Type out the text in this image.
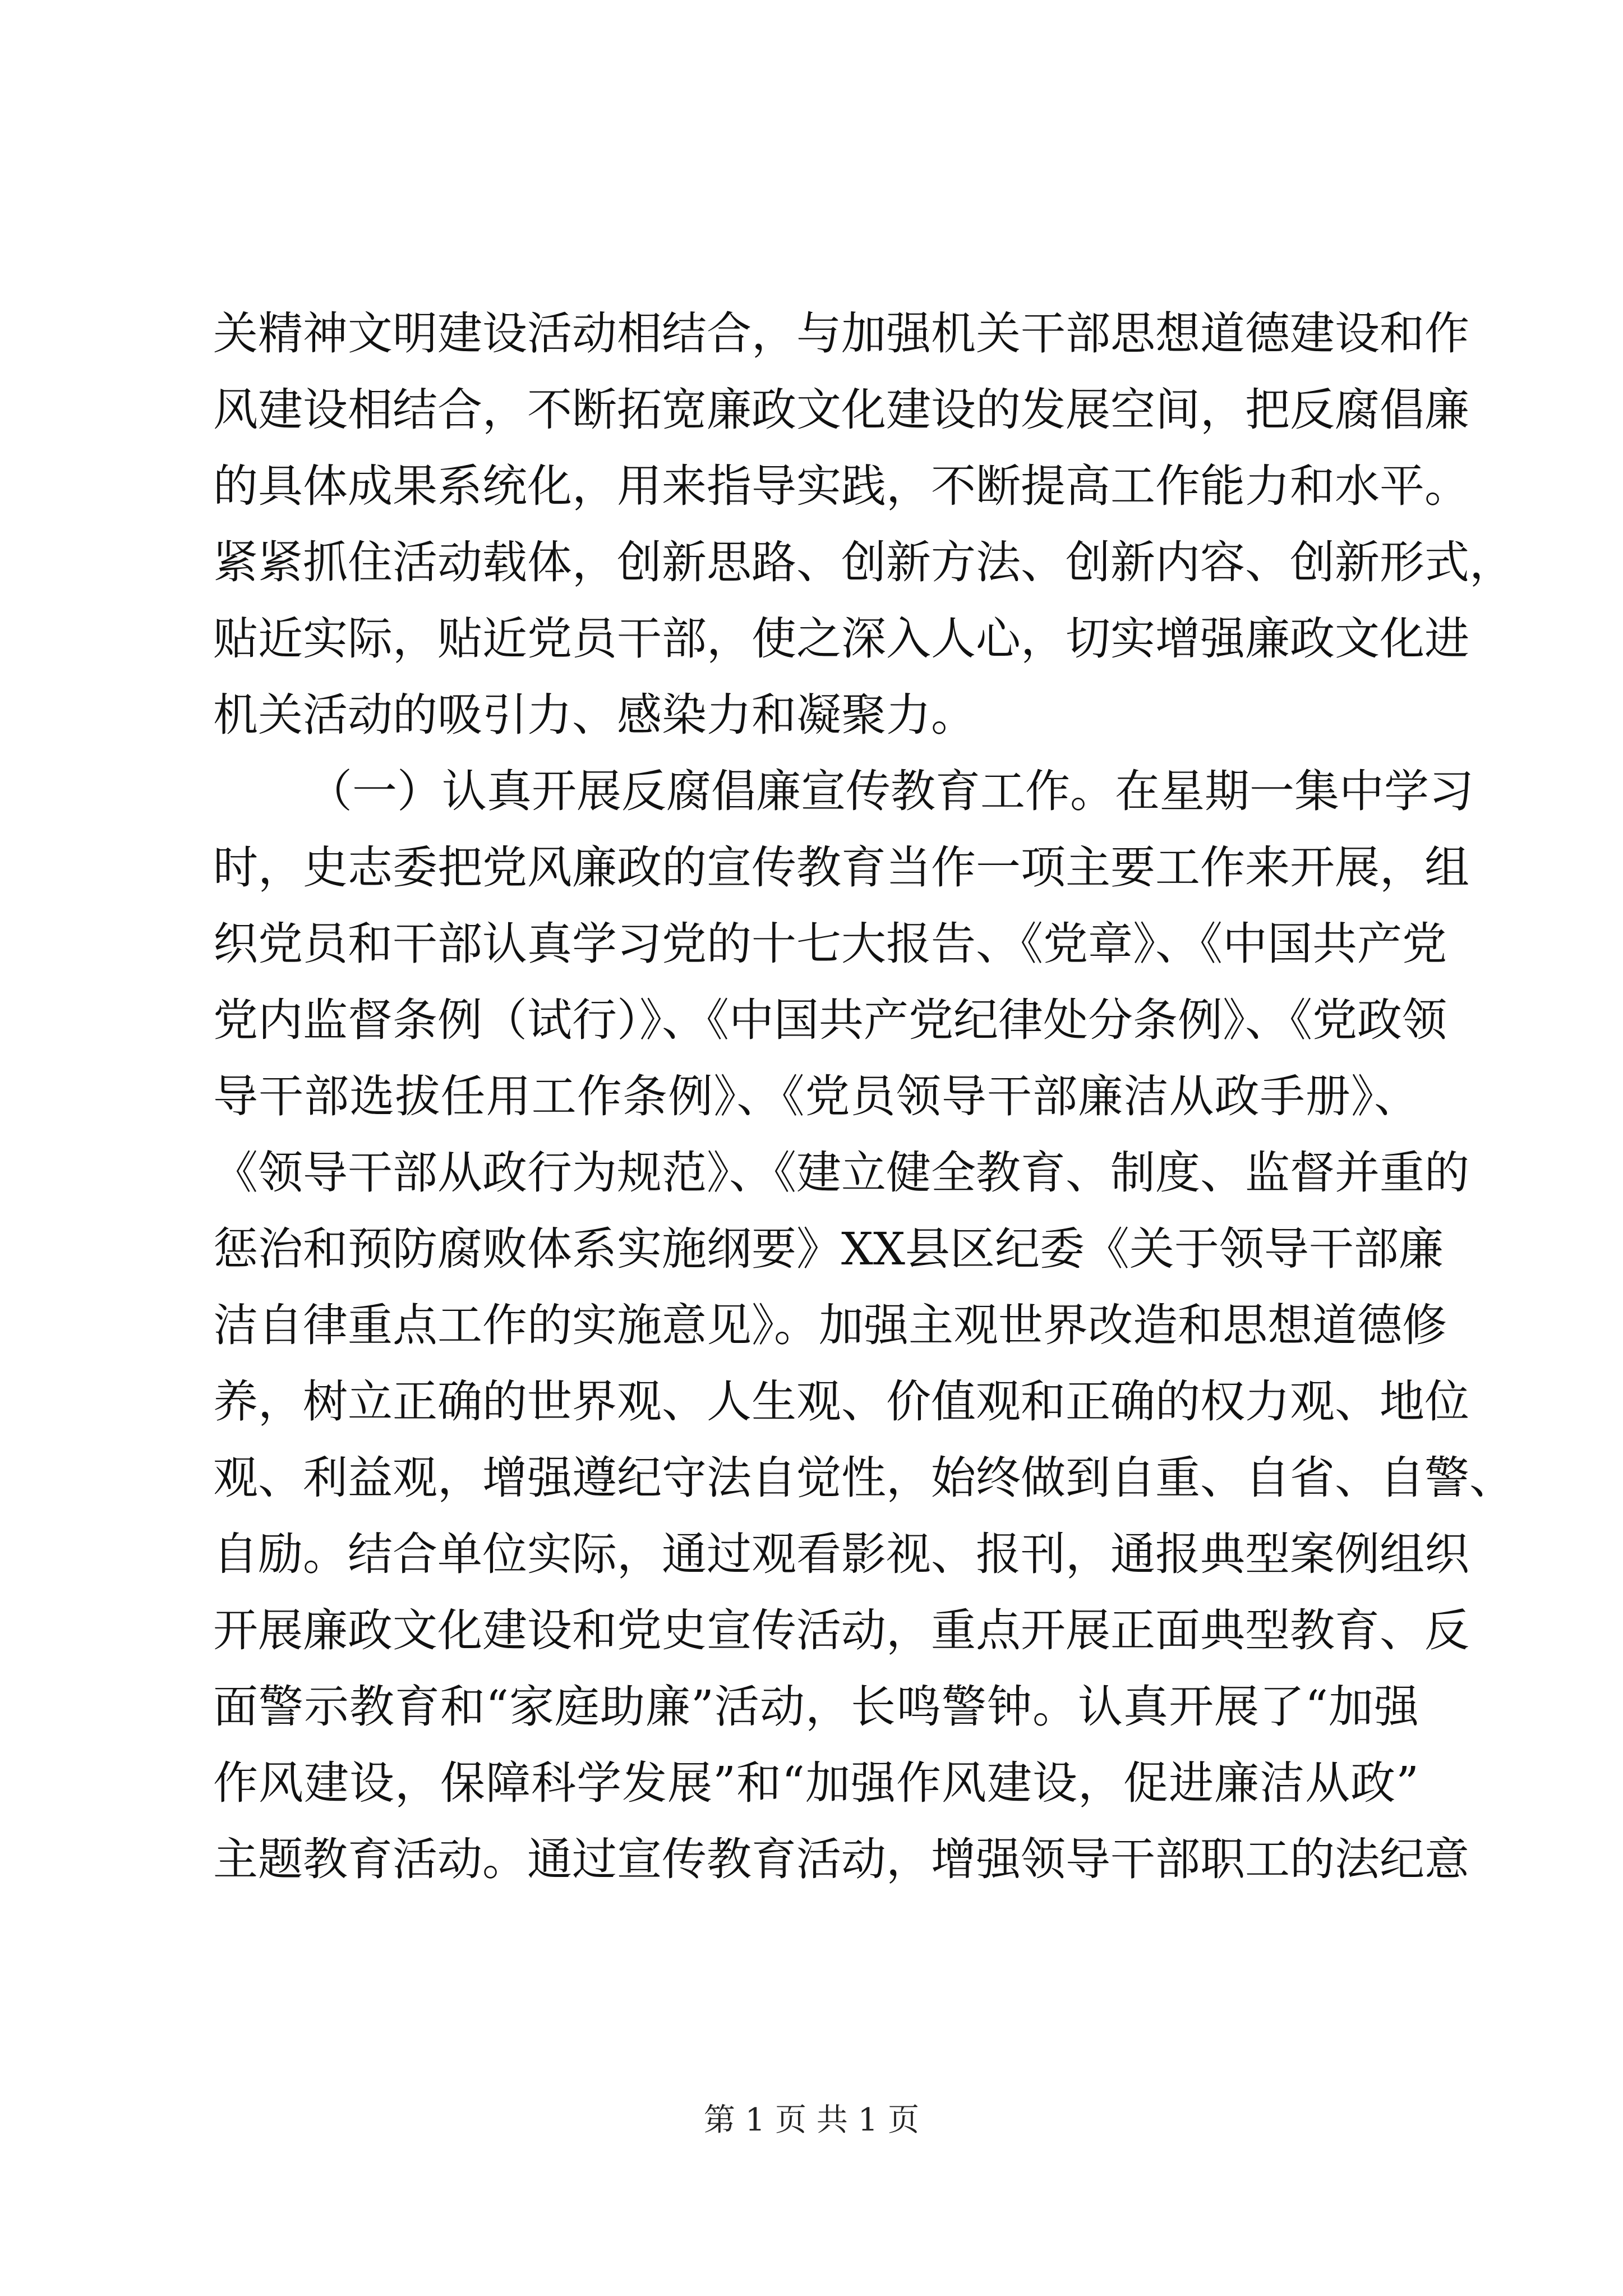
关精神文明建设活动相结合，与加强机关干部思想道德建设和作
风建设相结合，不断拓宽廉政文化建设的发展空间，把反腐倡廉
的具体成果系统化，用来指导实践，不断提高工作能力和水平。
紧紧抓住活动载体，创新思路、创新方法、创新内容、创新形式，
贴近实际，贴近党员干部，使之深入人心，切实增强廉政文化进
机关活动的吸引力、感染力和凝聚力。
（一）认真开展反腐倡廉宣传教育工作。在星期一集中学习
时，史志委把党风廉政的宣传教育当作一项主要工作来开展，组
织党员和干部认真学习党的十七大报告、《党章》、《中国共产党
党内监督条例（试行）》、《中国共产党纪律处分条例》、《党政领
导干部选拔任用工作条例》、《党员领导干部廉洁从政手册》、
《领导干部从政行为规范》、《建立健全教育、制度、监督并重的
惩治和预防腐败体系实施纲要》XX县区纪委《关于领导干部廉
洁自律重点工作的实施意见》。加强主观世界改造和思想道德修
养，树立正确的世界观、人生观、价值观和正确的权力观、地位
观、利益观，增强遵纪守法自觉性，始终做到自重、自省、自警、
自励。结合单位实际，通过观看影视、报刊，通报典型案例组织
开展廉政文化建设和党史宣传活动，重点开展正面典型教育、反
面警示教育和“家庭助廉”活动，长鸣警钟。认真开展了“加强
作风建设，保障科学发展”和“加强作风建设，促进廉洁从政”
主题教育活动。通过宣传教育活动，增强领导干部职工的法纪意
第 1 页 共 1 页
